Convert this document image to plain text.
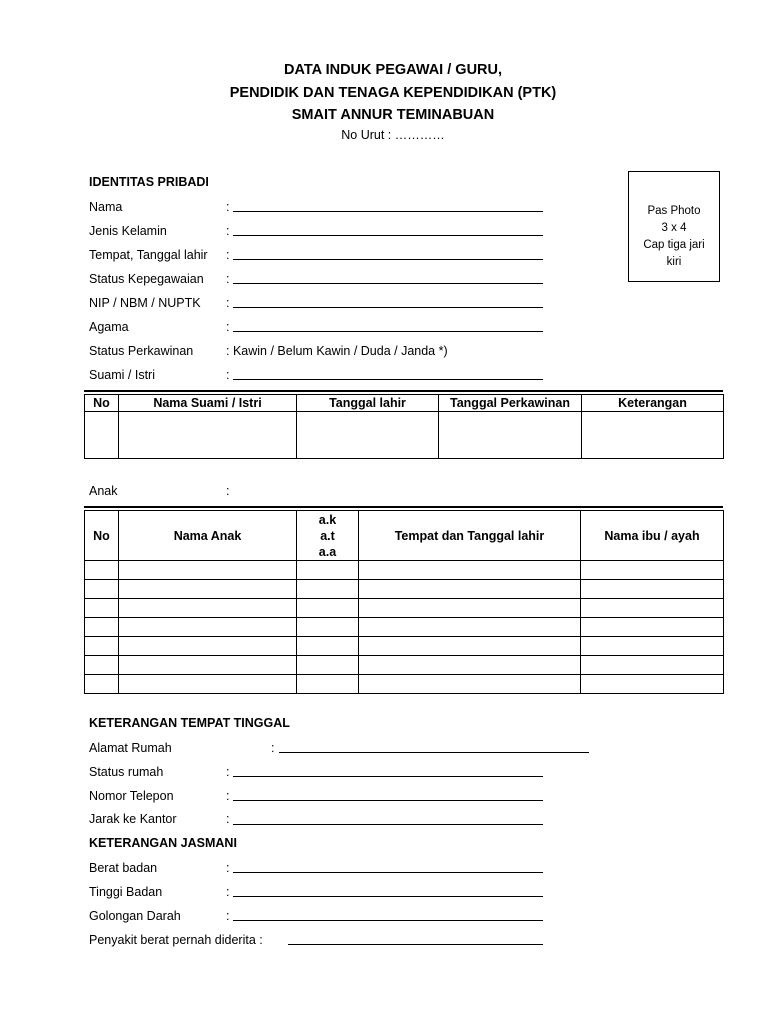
DATA INDUK PEGAWAI / GURU,
PENDIDIK DAN TENAGA KEPENDIDIKAN (PTK)
SMAIT ANNUR TEMINABUAN
No Urut : …………
Pas Photo
3 x 4
Cap tiga jari
kiri
IDENTITAS PRIBADI
Nama	:
Jenis Kelamin	:
Tempat, Tanggal lahir :
Status Kepegawaian :
NIP / NBM / NUPTK :
Agama	:
Status Perkawinan	: Kawin / Belum Kawin / Duda / Janda *)
Suami / Istri	:
No	Nama Suami / Istri	Tanggal lahir	Tanggal Perkawinan	Keterangan

Anak	:
No	Nama Anak	a.k
a.t
a.a	Tempat dan Tanggal lahir	Nama ibu / ayah

KETERANGAN TEMPAT TINGGAL
Alamat Rumah	:
Status rumah	:
Nomor Telepon	:
Jarak ke Kantor	:
KETERANGAN JASMANI
Berat badan	:
Tinggi Badan	:
Golongan Darah	:
Penyakit berat pernah diderita :
